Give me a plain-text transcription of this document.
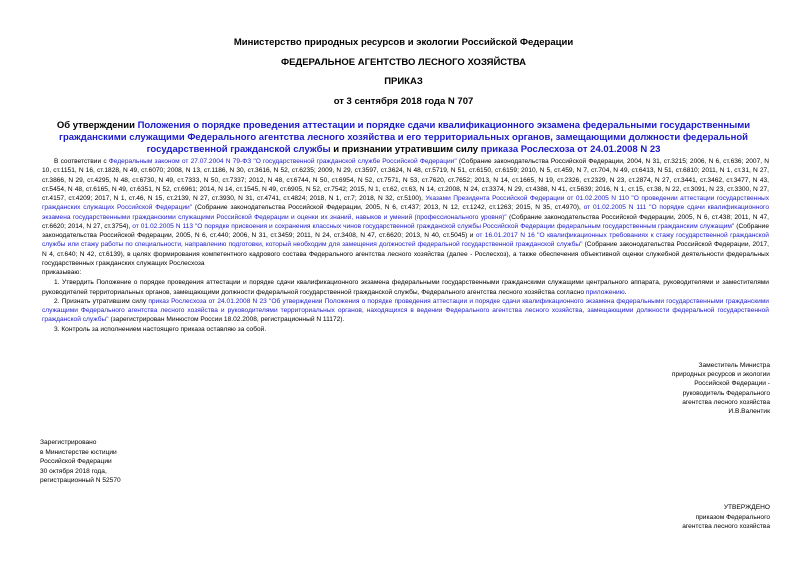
Министерство природных ресурсов и экологии Российской Федерации
ФЕДЕРАЛЬНОЕ АГЕНТСТВО ЛЕСНОГО ХОЗЯЙСТВА
ПРИКАЗ
от 3 сентября 2018 года N 707
Об утверждении Положения о порядке проведения аттестации и порядке сдачи квалификационного экзамена федеральными государственными гражданскими служащими Федерального агентства лесного хозяйства и его территориальных органов, замещающими должности федеральной государственной гражданской службы и признании утратившим силу приказа Рослесхоза от 24.01.2008 N 23

В соответствии с Федеральным законом от 27.07.2004 N 79-ФЗ "О государственной гражданской службе Российской Федерации" (Собрание законодательства Российской Федерации, 2004, N 31, ст.3215; 2006, N 6, ст.636; 2007, N 10, ст.1151, N 16, ст.1828, N 49, ст.6070; 2008, N 13, ст.1186, N 30, ст.3616, N 52, ст.6235; 2009, N 29, ст.3597, ст.3624, N 48, ст.5719, N 51, ст.6150, ст.6159; 2010, N 5, ст.459, N 7, ст.704, N 49, ст.6413, N 51, ст.6810; 2011, N 1, ст.31, N 27, ст.3866, N 29, ст.4295, N 48, ст.6730, N 49, ст.7333, N 50, ст.7337; 2012, N 48, ст.6744, N 50, ст.6954, N 52, ст.7571, N 53, ст.7620, ст.7652; 2013, N 14, ст.1665, N 19, ст.2326, ст.2329, N 23, ст.2874, N 27, ст.3441, ст.3462, ст.3477, N 43, ст.5454, N 48, ст.6165, N 49, ст.6351, N 52, ст.6961; 2014, N 14, ст.1545, N 49, ст.6905, N 52, ст.7542; 2015, N 1, ст.62, ст.63, N 14, ст.2008, N 24, ст.3374, N 29, ст.4388, N 41, ст.5639; 2016, N 1, ст.15, ст.38, N 22, ст.3091, N 23, ст.3300, N 27, ст.4157, ст.4209; 2017, N 1, ст.46, N 15, ст.2139, N 27, ст.3930, N 31, ст.4741, ст.4824; 2018, N 1, ст.7; 2018, N 32, ст.5100), Указами Президента Российской Федерации от 01.02.2005 N 110 "О проведении аттестации государственных гражданских служащих Российской Федерации" (Собрание законодательства Российской Федерации, 2005, N 6, ст.437; 2013, N 12, ст.1242, ст.1263; 2015, N 35, ст.4970), от 01.02.2005 N 111 "О порядке сдачи квалификационного экзамена государственными гражданскими служащими Российской Федерации и оценки их знаний, навыков и умений (профессионального уровня)" (Собрание законодательства Российской Федерации, 2005, N 6, ст.438; 2011, N 47, ст.6620; 2014, N 27, ст.3754), от 01.02.2005 N 113 "О порядке присвоения и сохранения классных чинов государственной гражданской службы Российской Федерации федеральным государственным гражданским служащим" (Собрание законодательства Российской Федерации, 2005, N 6, ст.440; 2006, N 31, ст.3459; 2011, N 24, ст.3408, N 47, ст.6620; 2013, N 40, ст.5045) и от 16.01.2017 N 16 "О квалификационных требованиях к стажу государственной гражданской службы или стажу работы по специальности, направлению подготовки, который необходим для замещения должностей федеральной государственной гражданской службы" (Собрание законодательства Российской Федерации, 2017, N 4, ст.640; N 42, ст.6139), в целях формирования компетентного кадрового состава Федерального агентства лесного хозяйства (далее - Рослесхоз), а также обеспечения объективной оценки служебной деятельности федеральных государственных гражданских служащих Рослесхоза

приказываю:

1. Утвердить Положение о порядке проведения аттестации и порядке сдачи квалификационного экзамена федеральными государственными гражданскими служащими центрального аппарата, руководителями и заместителями руководителей территориальных органов, замещающими должности федеральной государственной гражданской службы, Федерального агентства лесного хозяйства согласно приложению.

2. Признать утратившим силу приказ Рослесхоза от 24.01.2008 N 23 "Об утверждении Положения о порядке проведения аттестации и порядке сдачи квалификационного экзамена федеральными государственными гражданскими служащими Федерального агентства лесного хозяйства и руководителями территориальных органов, находящихся в ведении Федерального агентства лесного хозяйства, замещающими должности федеральной государственной гражданской службы" (зарегистрирован Минюстом России 18.02.2008, регистрационный N 11172).

3. Контроль за исполнением настоящего приказа оставляю за собой.

Заместитель Министра
природных ресурсов и экологии
Российской Федерации -
руководитель Федерального
агентства лесного хозяйства
И.В.Валентик
Зарегистрировано
в Министерстве юстиции
Российской Федерации
30 октября 2018 года,
регистрационный N 52570
УТВЕРЖДЕНО
приказом Федерального
агентства лесного хозяйства
